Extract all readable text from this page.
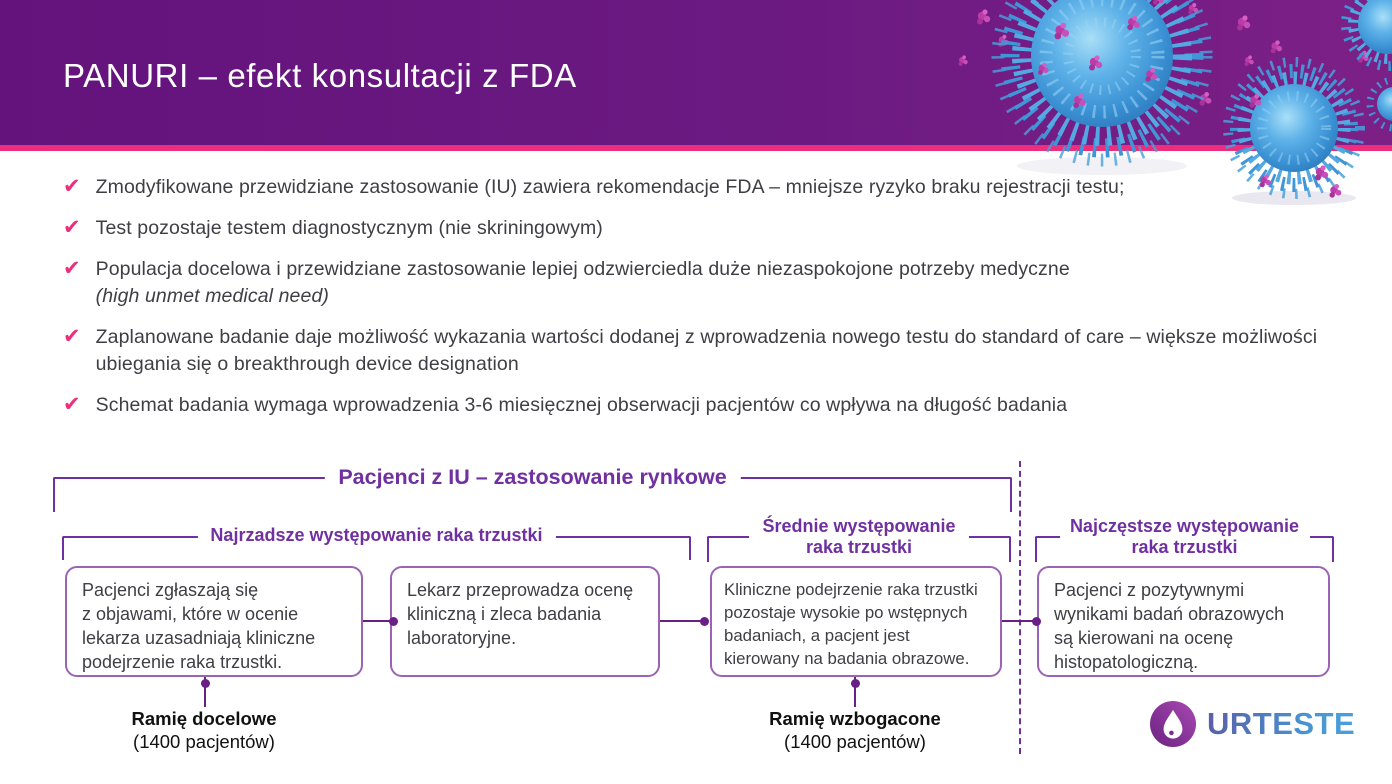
PANURI – efekt konsultacji z FDA
✔ Zmodyfikowane przewidziane zastosowanie (IU) zawiera rekomendacje FDA – mniejsze ryzyko braku rejestracji testu;
✔ Test pozostaje testem diagnostycznym (nie skriningowym)
✔ Populacja docelowa i przewidziane zastosowanie lepiej odzwierciedla duże niezaspokojone potrzeby medyczne
(high unmet medical need)
✔ Zaplanowane badanie daje możliwość wykazania wartości dodanej z wprowadzenia nowego testu do standard of care – większe możliwości ubiegania się o breakthrough device designation
✔ Schemat badania wymaga wprowadzenia 3-6 miesięcznej obserwacji pacjentów co wpływa na długość badania
Pacjenci z IU – zastosowanie rynkowe
Najrzadsze występowanie raka trzustki	Średnie występowanie raka trzustki
Najczęstsze występowanie raka trzustki
Pacjenci zgłaszają się
z objawami, które w ocenie
lekarza uzasadniają kliniczne
podejrzenie raka trzustki.
Lekarz przeprowadza ocenę
kliniczną i zleca badania
laboratoryjne.
Kliniczne podejrzenie raka trzustki
pozostaje wysokie po wstępnych
badaniach, a pacjent jest
kierowany na badania obrazowe.
Pacjenci z pozytywnymi
wynikami badań obrazowych
są kierowani na ocenę
histopatologiczną.
Ramię docelowe
(1400 pacjentów)
Ramię wzbogacone
(1400 pacjentów)
URTESTE
